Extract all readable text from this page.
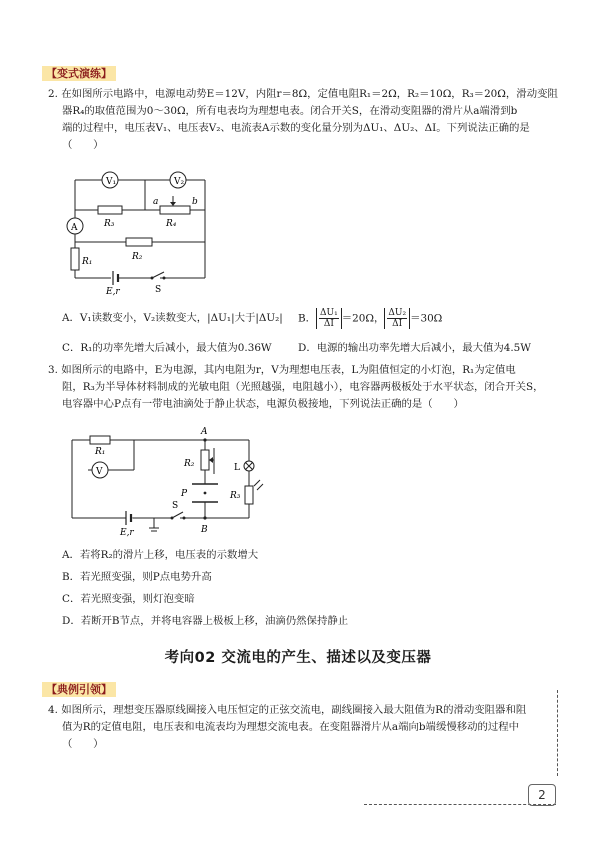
【变式演练】
2. 在如图所示电路中，电源电动势E＝12V，内阻r＝8Ω，定值电阻R₁＝2Ω，R₂＝10Ω，R₃＝20Ω，滑动变阻
器R₄的取值范围为0～30Ω，所有电表均为理想电表。闭合开关S，在滑动变阻器的滑片从a端滑到b
端的过程中，电压表V₁、电压表V₂、电流表A示数的变化量分别为ΔU₁、ΔU₂、ΔI。下列说法正确的是
（　　）
V₁	V₂
R₃	R₄
a	b
A
R₂
R₁
E,r	S
A．V₁读数变小，V₂读数变大，|ΔU₁|大于|ΔU₂|	B． $\frac{\text{ΔU₁}}{\Delta I} =20\Omega$， $\frac{\text{ΔU₂}}{\Delta I} =30\Omega$
C．R₁的功率先增大后减小，最大值为0.36W	D．电源的输出功率先增大后减小，最大值为4.5W
3. 如图所示的电路中，E为电源，其内电阻为r，V为理想电压表，L为阻值恒定的小灯泡，R₁为定值电
阻，R₃为半导体材料制成的光敏电阻（光照越强，电阻越小），电容器两极板处于水平状态，闭合开关S，
电容器中心P点有一带电油滴处于静止状态，电源负极接地，下列说法正确的是（　　）
R₁
V
A
R₂
P
L
R₃
E,r
S
B
A．若将R₂的滑片上移，电压表的示数增大
B．若光照变强，则P点电势升高
C．若光照变强，则灯泡变暗
D．若断开B节点，并将电容器上极板上移，油滴仍然保持静止
考向02 交流电的产生、描述以及变压器
【典例引领】
4. 如图所示，理想变压器原线圈接入电压恒定的正弦交流电，副线圈接入最大阻值为R的滑动变阻器和阻
值为R的定值电阻，电压表和电流表均为理想交流电表。在变阻器滑片从a端向b端缓慢移动的过程中
（　　）
2
